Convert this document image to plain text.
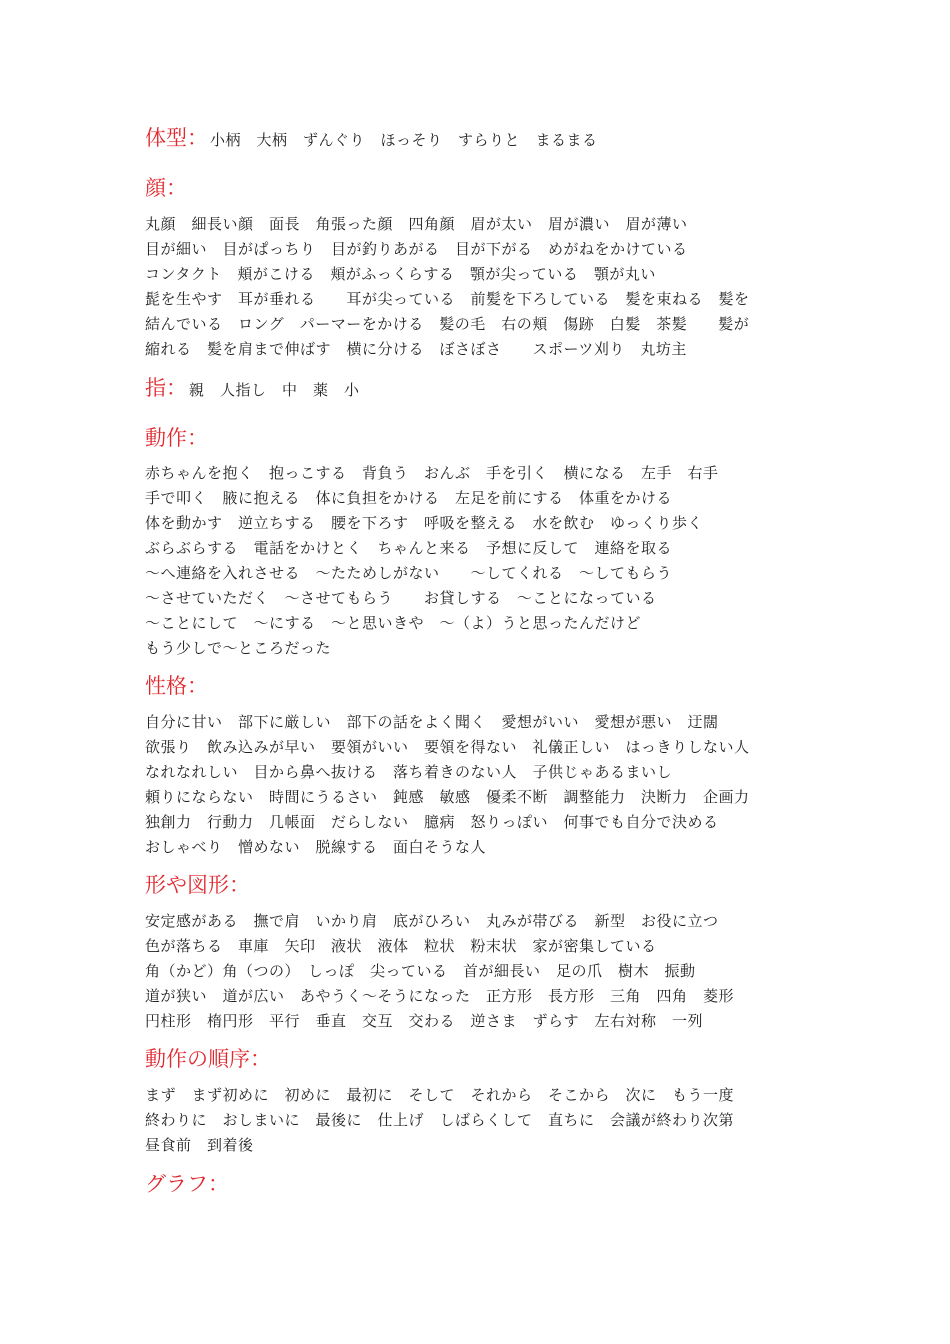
体型： 小柄　大柄　ずんぐり　ほっそり　すらりと　まるまる
顔：
丸顔　細長い顔　面長　角張った顔　四角顔　眉が太い　眉が濃い　眉が薄い
目が細い　目がぱっちり　目が釣りあがる　目が下がる　めがねをかけている
コンタクト　頬がこける　頬がふっくらする　顎が尖っている　顎が丸い
髭を生やす　耳が垂れる　　耳が尖っている　前髪を下ろしている　髪を束ねる　髪を
結んでいる　ロング　パーマーをかける　髪の毛　右の頬　傷跡　白髪　茶髪　　髪が
縮れる　髪を肩まで伸ばす　横に分ける　ぼさぼさ　　スポーツ刈り　丸坊主
指： 親　人指し　中　薬　小
動作：
赤ちゃんを抱く　抱っこする　背負う　おんぶ　手を引く　横になる　左手　右手
手で叩く　腋に抱える　体に負担をかける　左足を前にする　体重をかける
体を動かす　逆立ちする　腰を下ろす　呼吸を整える　水を飲む　ゆっくり歩く
ぶらぶらする　電話をかけとく　ちゃんと来る　予想に反して　連絡を取る
〜へ連絡を入れさせる　〜たためしがない　　〜してくれる　〜してもらう
〜させていただく　〜させてもらう　　お貸しする　〜ことになっている
〜ことにして　〜にする　〜と思いきや　〜（よ）うと思ったんだけど
もう少しで〜ところだった
性格：
自分に甘い　部下に厳しい　部下の話をよく聞く　愛想がいい　愛想が悪い　迂闊
欲張り　飲み込みが早い　要領がいい　要領を得ない　礼儀正しい　はっきりしない人
なれなれしい　目から鼻へ抜ける　落ち着きのない人　子供じゃあるまいし
頼りにならない　時間にうるさい　鈍感　敏感　優柔不断　調整能力　決断力　企画力
独創力　行動力　几帳面　だらしない　臆病　怒りっぽい　何事でも自分で決める
おしゃべり　憎めない　脱線する　面白そうな人
形や図形：
安定感がある　撫で肩　いかり肩　底がひろい　丸みが帯びる　新型　お役に立つ
色が落ちる　車庫　矢印　液状　液体　粒状　粉末状　家が密集している
角（かど）角（つの）　しっぽ　尖っている　首が細長い　足の爪　樹木　振動
道が狭い　道が広い　あやうく〜そうになった　正方形　長方形　三角　四角　菱形
円柱形　楕円形　平行　垂直　交互　交わる　逆さま　ずらす　左右対称　一列
動作の順序：
まず　まず初めに　初めに　最初に　そして　それから　そこから　次に　もう一度
終わりに　おしまいに　最後に　仕上げ　しばらくして　直ちに　会議が終わり次第
昼食前　到着後
グラフ：
